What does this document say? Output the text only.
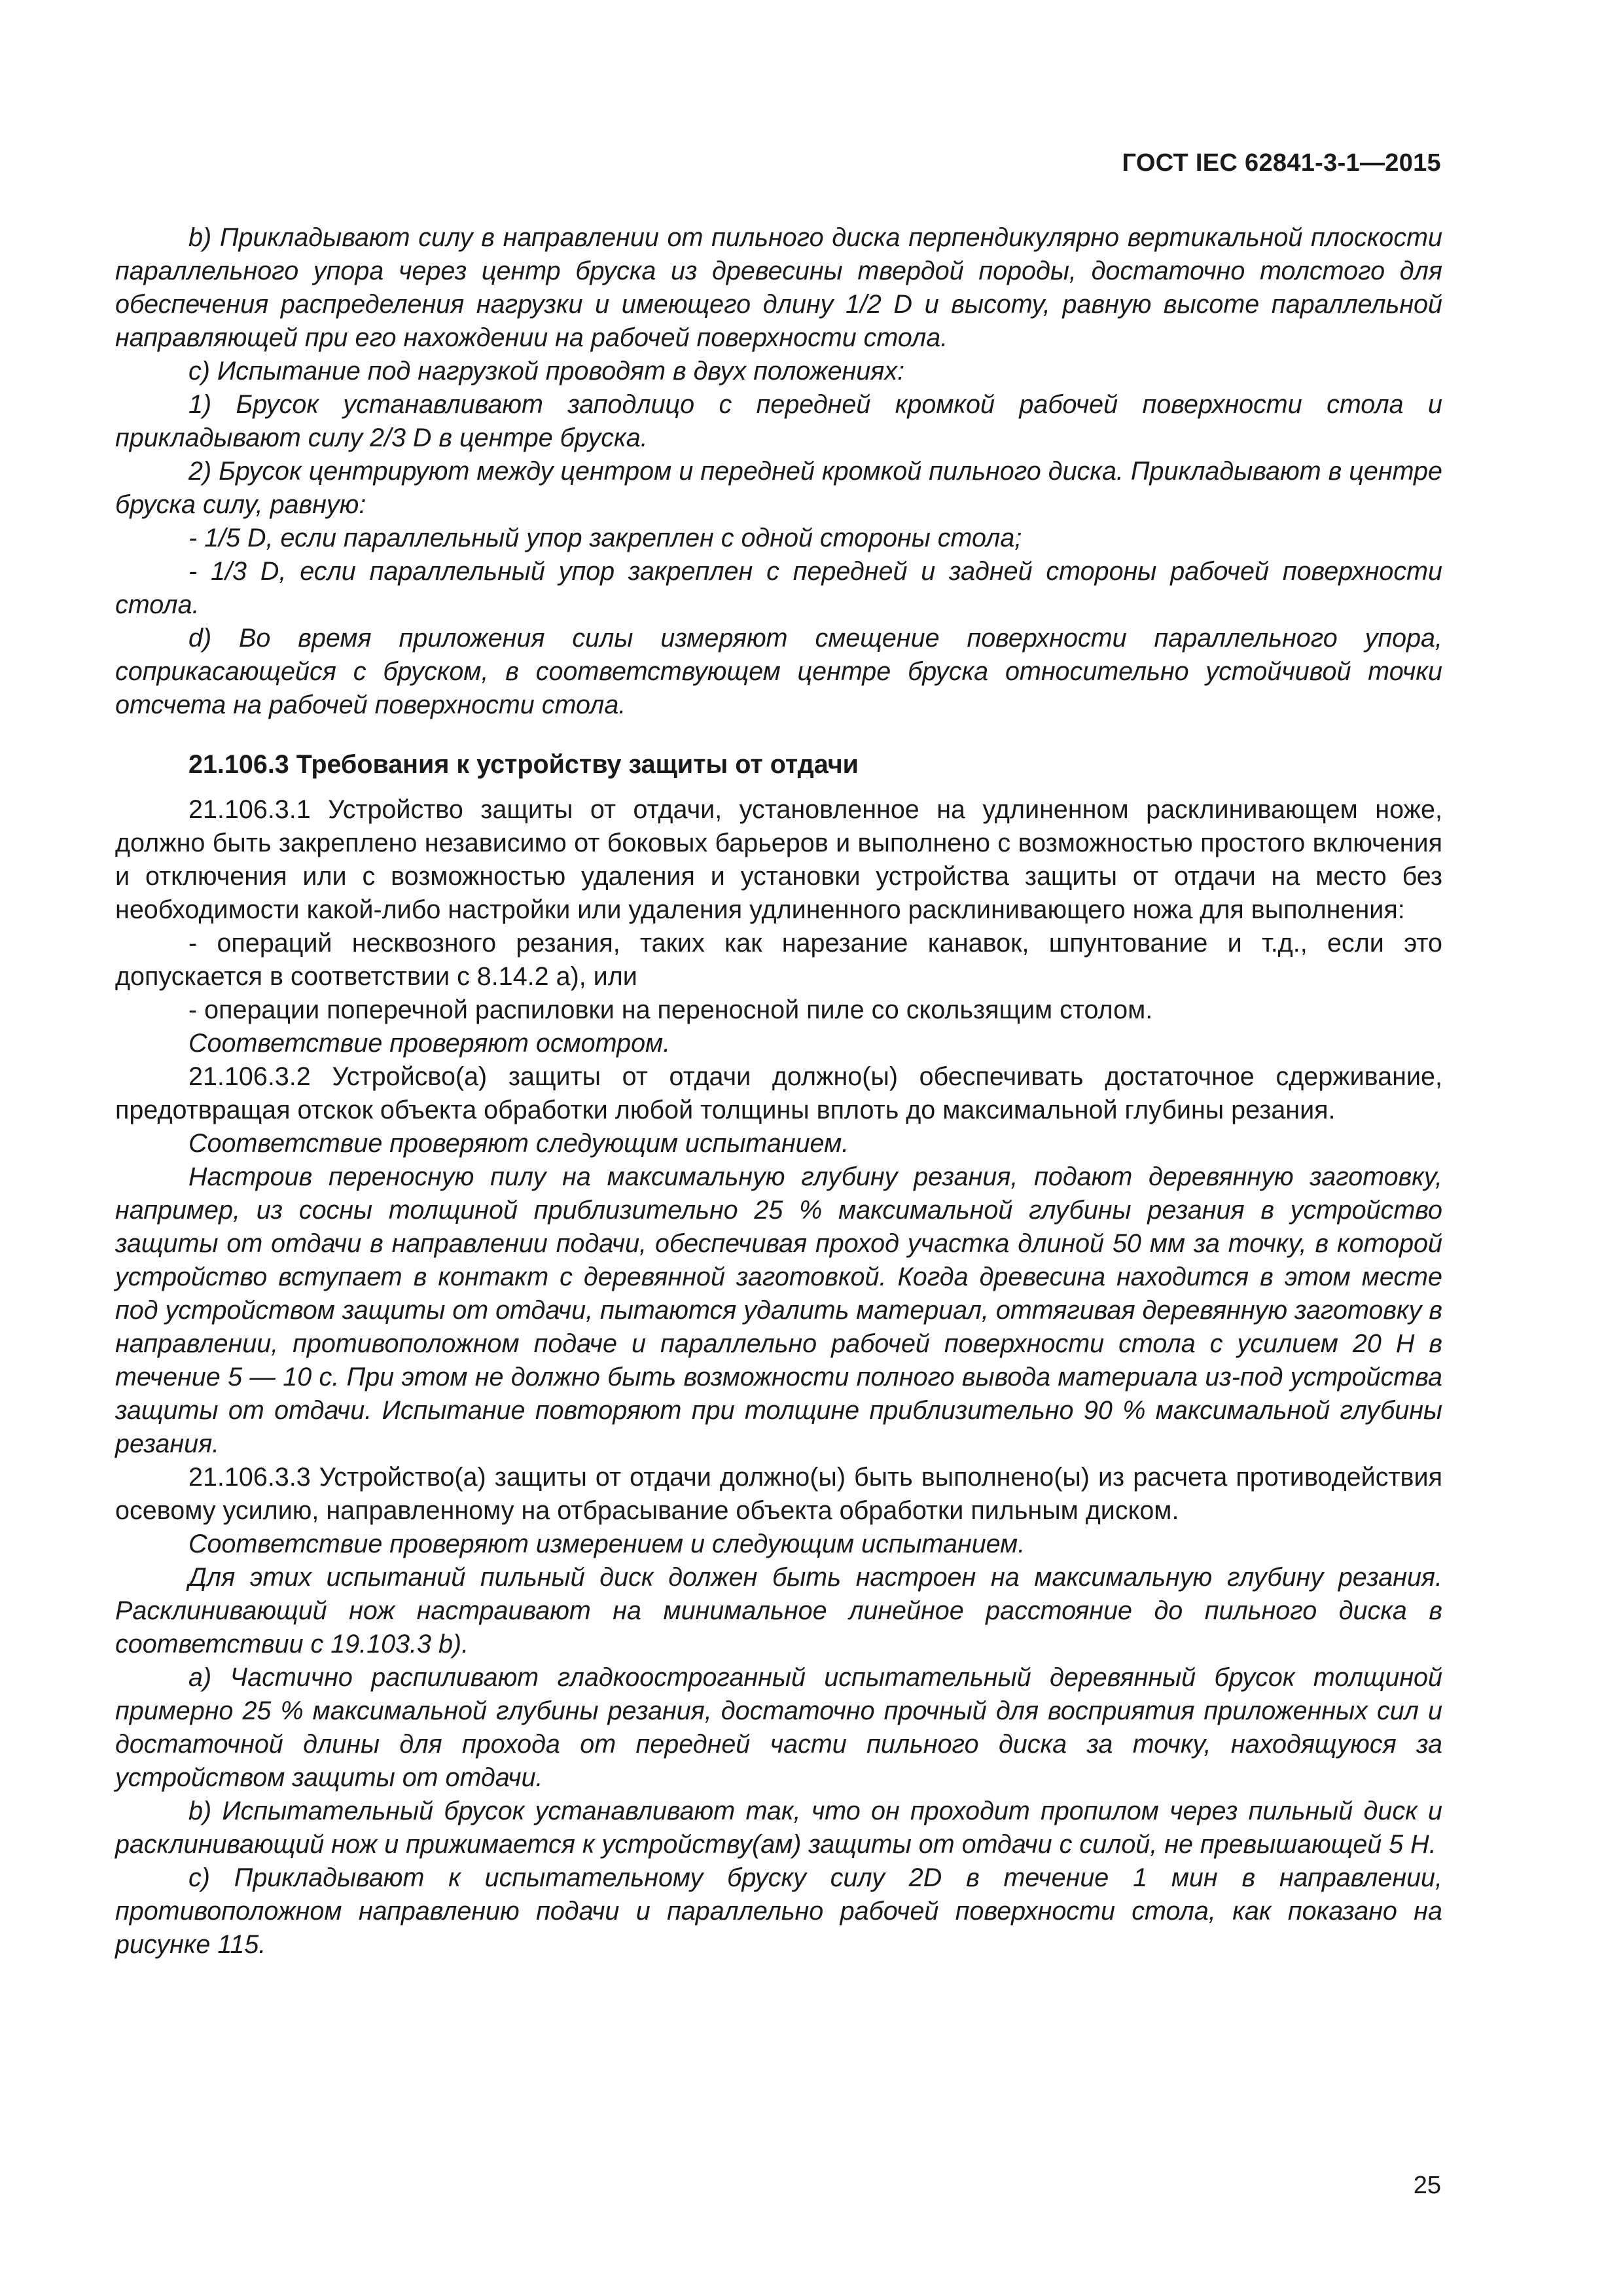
ГОСТ IEC 62841-3-1—2015

b) Прикладывают силу в направлении от пильного диска перпендикулярно вертикальной плоскости параллельного упора через центр бруска из древесины твердой породы, достаточно толстого для обеспечения распределения нагрузки и имеющего длину 1/2 D и высоту, равную высоте параллельной направляющей при его нахождении на рабочей поверхности стола.

c) Испытание под нагрузкой проводят в двух положениях:

1) Брусок устанавливают заподлицо с передней кромкой рабочей поверхности стола и прикладывают силу 2/3 D в центре бруска.

2) Брусок центрируют между центром и передней кромкой пильного диска. Прикладывают в центре бруска силу, равную:

- 1/5 D, если параллельный упор закреплен с одной стороны стола;

- 1/3 D, если параллельный упор закреплен с передней и задней стороны рабочей поверхности стола.

d) Во время приложения силы измеряют смещение поверхности параллельного упора, соприкасающейся с бруском, в соответствующем центре бруска относительно устойчивой точки отсчета на рабочей поверхности стола.

21.106.3 Требования к устройству защиты от отдачи

21.106.3.1 Устройство защиты от отдачи, установленное на удлиненном расклинивающем ноже, должно быть закреплено независимо от боковых барьеров и выполнено с возможностью простого включения и отключения или с возможностью удаления и установки устройства защиты от отдачи на место без необходимости какой-либо настройки или удаления удлиненного расклинивающего ножа для выполнения:

- операций несквозного резания, таких как нарезание канавок, шпунтование и т.д., если это допускается в соответствии с 8.14.2 а), или

- операции поперечной распиловки на переносной пиле со скользящим столом.

Соответствие проверяют осмотром.

21.106.3.2 Устройсво(а) защиты от отдачи должно(ы) обеспечивать достаточное сдерживание, предотвращая отскок объекта обработки любой толщины вплоть до максимальной глубины резания.

Соответствие проверяют следующим испытанием.

Настроив переносную пилу на максимальную глубину резания, подают деревянную заготовку, например, из сосны толщиной приблизительно 25 % максимальной глубины резания в устройство защиты от отдачи в направлении подачи, обеспечивая проход участка длиной 50 мм за точку, в которой устройство вступает в контакт с деревянной заготовкой. Когда древесина находится в этом месте под устройством защиты от отдачи, пытаются удалить материал, оттягивая деревянную заготовку в направлении, противоположном подаче и параллельно рабочей поверхности стола с усилием 20 Н в течение 5 — 10 с. При этом не должно быть возможности полного вывода материала из-под устройства защиты от отдачи. Испытание повторяют при толщине приблизительно 90 % максимальной глубины резания.

21.106.3.3 Устройство(а) защиты от отдачи должно(ы) быть выполнено(ы) из расчета противодействия осевому усилию, направленному на отбрасывание объекта обработки пильным диском.

Соответствие проверяют измерением и следующим испытанием.

Для этих испытаний пильный диск должен быть настроен на максимальную глубину резания. Расклинивающий нож настраивают на минимальное линейное расстояние до пильного диска в соответствии с 19.103.3 b).

a) Частично распиливают гладкоостроганный испытательный деревянный брусок толщиной примерно 25 % максимальной глубины резания, достаточно прочный для восприятия приложенных сил и достаточной длины для прохода от передней части пильного диска за точку, находящуюся за устройством защиты от отдачи.

b) Испытательный брусок устанавливают так, что он проходит пропилом через пильный диск и расклинивающий нож и прижимается к устройству(ам) защиты от отдачи с силой, не превышающей 5 Н.

c) Прикладывают к испытательному бруску силу 2D в течение 1 мин в направлении, противоположном направлению подачи и параллельно рабочей поверхности стола, как показано на рисунке 115.

25
